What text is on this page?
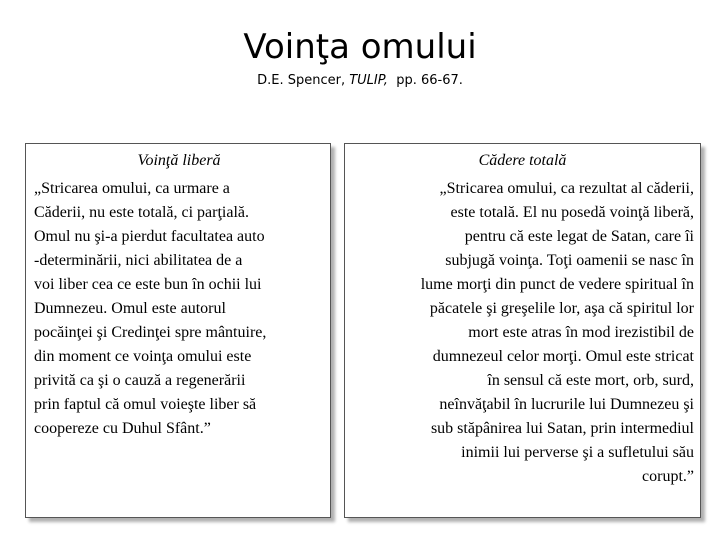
Voinţa omului

D.E. Spencer, TULIP,  pp. 66-67.

Voinţă liberă
„Stricarea omului, ca urmare a
Căderii, nu este totală, ci parţială.
Omul nu şi-a pierdut facultatea auto
-determinării, nici abilitatea de a
voi liber cea ce este bun în ochii lui
Dumnezeu. Omul este autorul
pocăinţei şi Credinţei spre mântuire,
din moment ce voinţa omului este
privită ca şi o cauză a regenerării
prin faptul că omul voieşte liber să
coopereze cu Duhul Sfânt.”
Cădere totală
„Stricarea omului, ca rezultat al căderii,
este totală. El nu posedă voinţă liberă,
pentru că este legat de Satan, care îi
subjugă voinţa. Toţi oamenii se nasc în
lume morţi din punct de vedere spiritual în
păcatele şi greşelile lor, aşa că spiritul lor
mort este atras în mod irezistibil de
dumnezeul celor morţi. Omul este stricat
în sensul că este mort, orb, surd,
neînvăţabil în lucrurile lui Dumnezeu şi
sub stăpânirea lui Satan, prin intermediul
inimii lui perverse şi a sufletului său
corupt.”
